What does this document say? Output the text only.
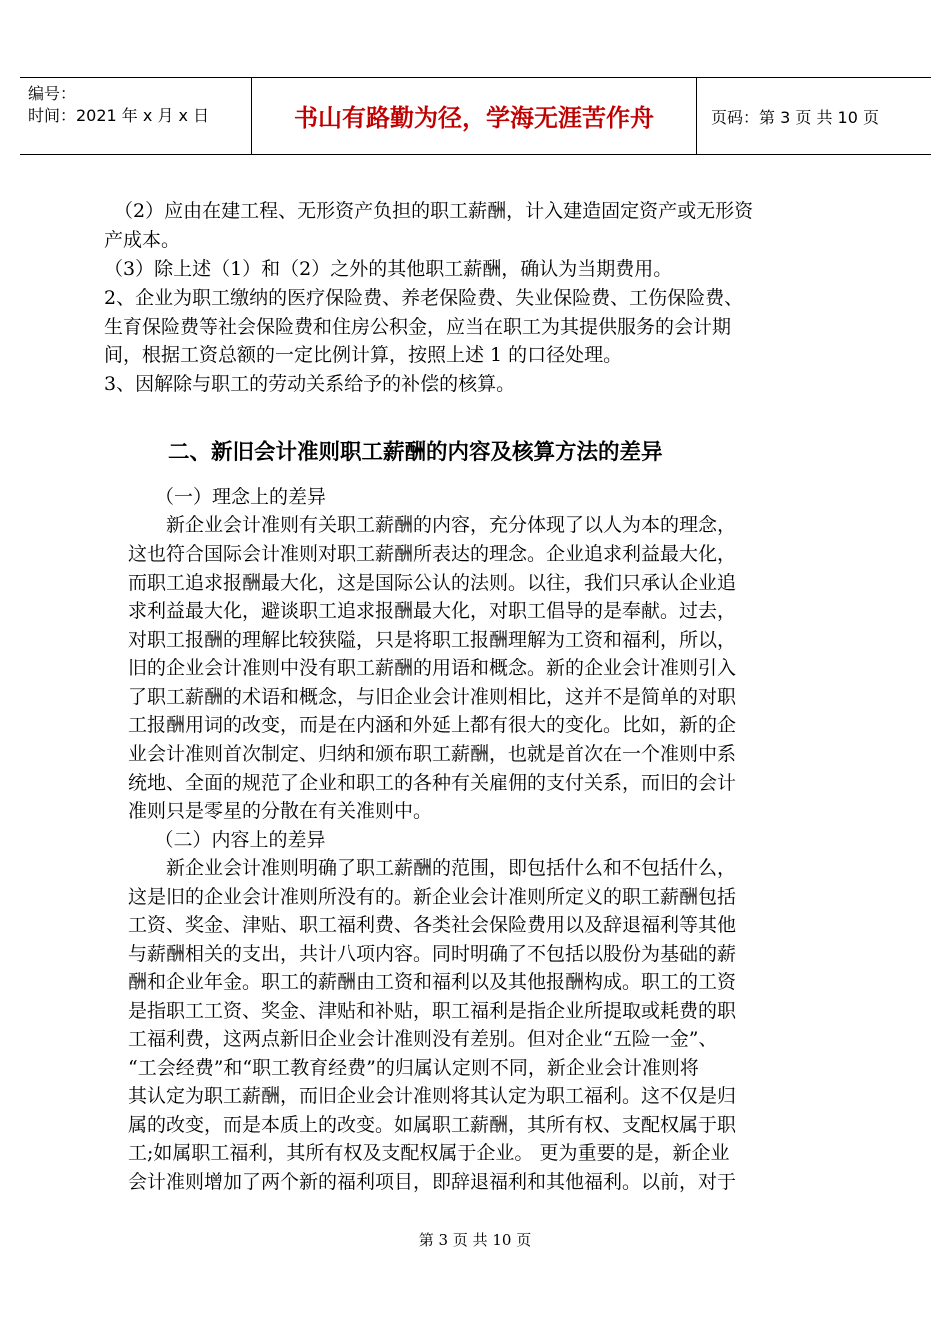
编号：
时间：2021 年 x 月 x 日	书山有路勤为径，学海无涯苦作舟	页码：第 3 页 共 10 页
（2）应由在建工程、无形资产负担的职工薪酬，计入建造固定资产或无形资
产成本。
（3）除上述（1）和（2）之外的其他职工薪酬，确认为当期费用。
2、企业为职工缴纳的医疗保险费、养老保险费、失业保险费、工伤保险费、
生育保险费等社会保险费和住房公积金，应当在职工为其提供服务的会计期
间，根据工资总额的一定比例计算，按照上述 1 的口径处理。
3、因解除与职工的劳动关系给予的补偿的核算。
二、新旧会计准则职工薪酬的内容及核算方法的差异
（一）理念上的差异
　　新企业会计准则有关职工薪酬的内容，充分体现了以人为本的理念，
这也符合国际会计准则对职工薪酬所表达的理念。企业追求利益最大化，
而职工追求报酬最大化，这是国际公认的法则。以往，我们只承认企业追
求利益最大化，避谈职工追求报酬最大化，对职工倡导的是奉献。过去，
对职工报酬的理解比较狭隘，只是将职工报酬理解为工资和福利，所以，
旧的企业会计准则中没有职工薪酬的用语和概念。新的企业会计准则引入
了职工薪酬的术语和概念，与旧企业会计准则相比，这并不是简单的对职
工报酬用词的改变，而是在内涵和外延上都有很大的变化。比如，新的企
业会计准则首次制定、归纳和颁布职工薪酬，也就是首次在一个准则中系
统地、全面的规范了企业和职工的各种有关雇佣的支付关系，而旧的会计
准则只是零星的分散在有关准则中。
　（二）内容上的差异
　　新企业会计准则明确了职工薪酬的范围，即包括什么和不包括什么，
这是旧的企业会计准则所没有的。新企业会计准则所定义的职工薪酬包括
工资、奖金、津贴、职工福利费、各类社会保险费用以及辞退福利等其他
与薪酬相关的支出，共计八项内容。同时明确了不包括以股份为基础的薪
酬和企业年金。职工的薪酬由工资和福利以及其他报酬构成。职工的工资
是指职工工资、奖金、津贴和补贴，职工福利是指企业所提取或耗费的职
工福利费，这两点新旧企业会计准则没有差别。但对企业“五险一金”、
“工会经费”和“职工教育经费”的归属认定则不同，新企业会计准则将
其认定为职工薪酬，而旧企业会计准则将其认定为职工福利。这不仅是归
属的改变，而是本质上的改变。如属职工薪酬，其所有权、支配权属于职
工;如属职工福利，其所有权及支配权属于企业。 更为重要的是，新企业
会计准则增加了两个新的福利项目，即辞退福利和其他福利。以前，对于
第 3 页 共 10 页
